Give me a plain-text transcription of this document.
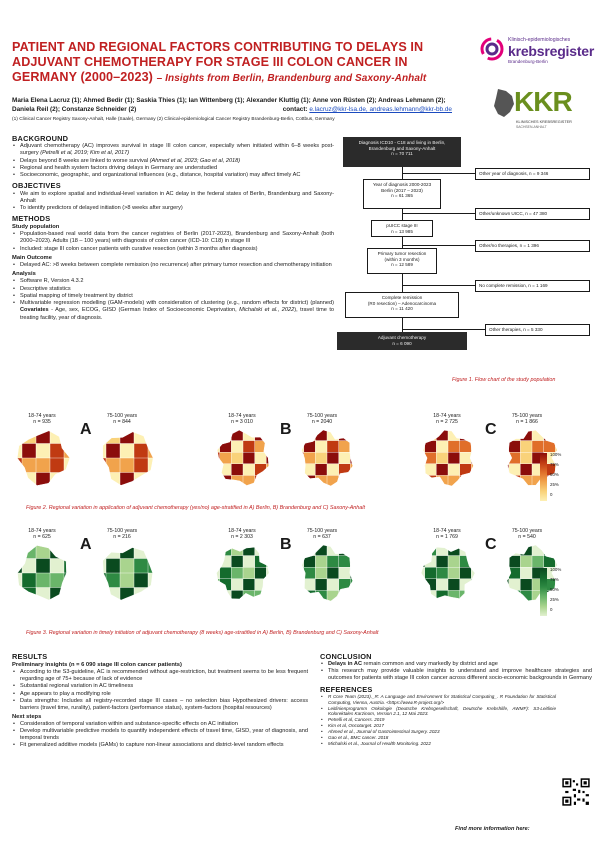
PATIENT AND REGIONAL FACTORS CONTRIBUTING TO DELAYS IN ADJUVANT CHEMOTHERAPY FOR STAGE III COLON CANCER IN GERMANY (2000–2023) – Insights from Berlin, Brandenburg and Saxony-Anhalt
Maria Elena Lacruz (1); Ahmed Bedir (1); Saskia Thies (1); Ian Wittenberg (1); Alexander Kluttig (1); Anne von Rüsten (2); Andreas Lehmann (2); Daniela Reil (2); Constanze Schneider (2)	contact: e.lacruz@kkr-lsa.de, andreas.lehmann@kkr-bb.de
(1) Clinical Cancer Registry Saxony-Anhalt, Halle (Saale), Germany (2) Clinical-epidemiological Cancer Registry Brandenburg-Berlin, Cottbus, Germany
Klinisch-epidemiologisches
krebsregister
Brandenburg-Berlin
KKR
KLINISCHES KREBSREGISTER
SACHSEN-ANHALT
BACKGROUND
• Adjuvant chemotherapy (AC) improves survival in stage III colon cancer, especially when initiated within 6–8 weeks post-surgery (Petrelli et al, 2019; Kim et al, 2017)
• Delays beyond 8 weeks are linked to worse survival (Ahmed et al, 2023; Gao et al, 2018)
• Regional and health system factors driving delays in Germany are understudied
• Socioeconomic, geographic, and organizational influences (e.g., distance, hospital variation) may affect timely AC
OBJECTIVES
• We aim to explore spatial and individual-level variation in AC delay in the federal states of Berlin, Brandenburg and Saxony-Anhalt
• To identify predictors of delayed initiation (>8 weeks after surgery)
METHODS
Study population
• Population-based real world data from the cancer registries of Berlin (2017-2023), Brandenburg and Saxony-Anhalt (both 2000–2023). Adults (18 – 100 years) with diagnosis of colon cancer (ICD-10: C18) in stage III
• Included: stage III colon cancer patients with curative resection (within 3 months after diagnosis)
Main Outcome
• Delayed AC: >8 weeks between complete remission (no recurrence) after primary tumor resection and chemotherapy initiation
Analysis
• Software R, Version 4.3.2
• Descriptive statistics
• Spatial mapping of timely treatment by district
• Multivariable regression modelling (GAM-models) with consideration of clustering (e.g., random effects for district) (planned) Covariates - Age, sex, ECOG, GISD (German Index of Socioeconomic Deprivation, Michalski et al., 2022), travel time to treating facility, year of diagnosis.
Diagnosis ICD10 - C18 and living in Berlin, Brandenburg and Saxony-Anhalt
n = 70 711
Year of diagnosis 2000-2023
Berlin (2017 – 2023)
n = 61 365
pUICC stage III
n = 13 985
Primary tumor resection
(within 3 months)
n = 12 589
Complete remission
(R0 resection) – Adenocarcinoma
n = 11 420
Adjuvant chemotherapy
n = 6 090
Other year of diagnosis, n = 9 346
Other/unknown UICC, n = 47 380
Other/no therapies, n = 1 396
No complete remission, n = 1 169
Other therapies, n = 5 330
Figure 1. Flow chart of the study population
18-74 years
n = 935
75-100 years
n = 844
A
18-74 years
n = 3 010
75-100 years
n = 2040
B
18-74 years
n = 2 725
75-100 years
n = 1 866
C
100%
75%
50%
25%
0
Figure 2. Regional variation in application of adjuvant chemotherapy (yes/no) age-stratified in A) Berlin, B) Brandenburg and C) Saxony-Anhalt
18-74 years
n = 625
75-100 years
n = 216
A
18-74 years
n = 2 303
75-100 years
n = 637
B
18-74 years
n = 1 769
75-100 years
n = 540
C
100%
75%
50%
25%
0
Figure 3. Regional variation in timely initiation of adjuvant chemotherapy (8 weeks) age-stratified in A) Berlin, B) Brandenburg and C) Saxony-Anhalt
RESULTS
Preliminary insights (n = 6 090 stage III colon cancer patients)
• According to the S3-guideline, AC is recommended without age-restriction, but treatment seems to be less frequent regarding age of 75+ because of lack of evidence
• Substantial regional variation in AC timeliness
• Age appears to play a modifying role
• Data strengths: Includes all registry-recorded stage III cases – no selection bias Hypothesized drivers: access barriers (travel time, rurality), patient-factors (performance status), system-factors (hospital resources)
Next steps
• Consideration of temporal variation within and substance-specific effects on AC initiation
• Develop multivariable predictive models to quantify independent effects of travel time, GISD, year of diagnosis, and temporal trends
• Fit generalized additive models (GAMs) to capture non-linear associations and district-level random effects
CONCLUSION
• Delays in AC remain common and vary markedly by district and age
• This research may provide valuable insights to understand and improve healthcare strategies and outcomes for patients with stage III colon cancer across different socio-economic backgrounds in Germany
REFERENCES
• R Core Team (2023)._R: A Language and Environment for Statistical Computing_. R Foundation for Statistical Computing, Vienna, Austria. <https://www.R-project.org/>
• Leitlinienprogramm Onkologie (Deutsche Krebsgesellschaft, Deutsche Krebshilfe, AWMF): S3-Leitlinie Kolorektales Karzinom, Version 2.1, 12 Mai 2023.
• Petrelli et al, Cancers. 2019
• Kim et al, Oncotarget. 2017
• Ahmed et al., Journal of Gastrointestinal Surgery. 2023
• Gao et al., BMC cancer. 2018
• Michalski et al., Journal of Health Monitoring. 2022
Find more information here:
